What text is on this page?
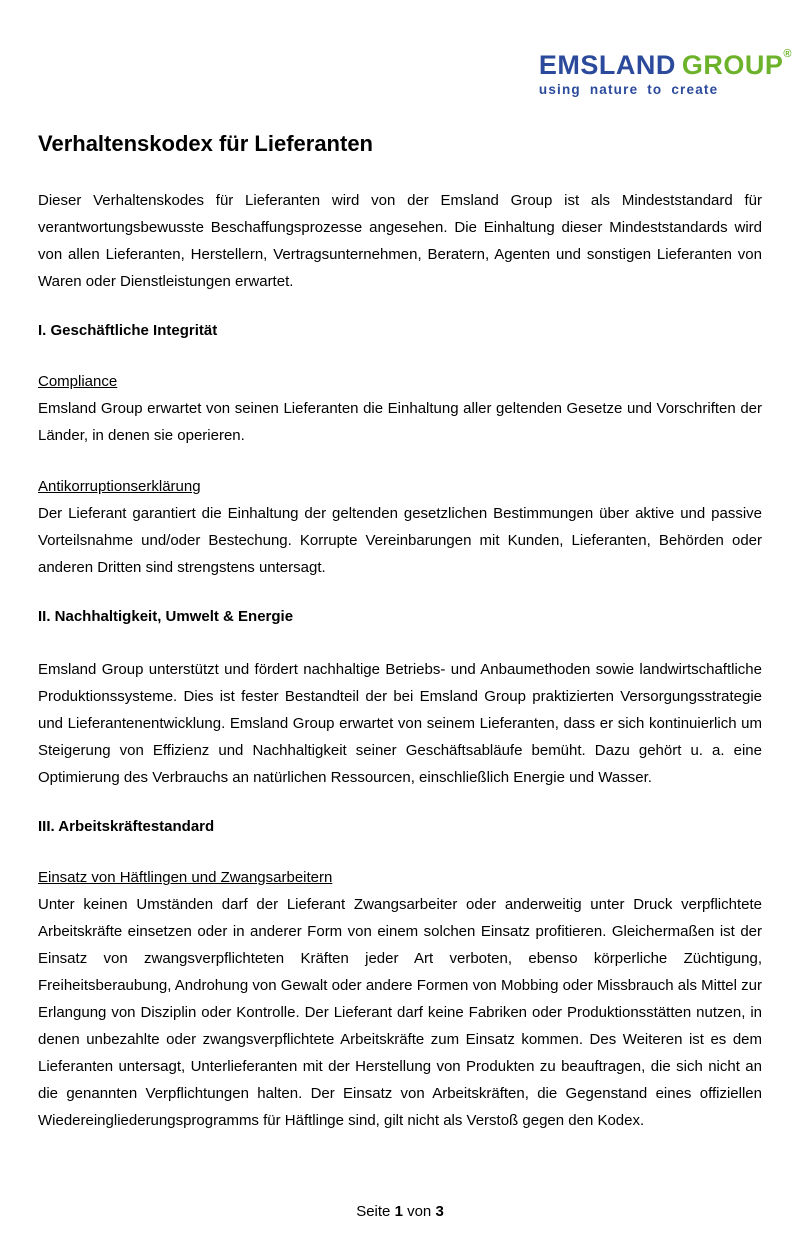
EMSLAND GROUP®
using nature to create
Verhaltenskodex für Lieferanten

Dieser Verhaltenskodes für Lieferanten wird von der Emsland Group ist als Mindeststandard für verantwortungsbewusste Beschaffungsprozesse angesehen. Die Einhaltung dieser Mindeststandards wird von allen Lieferanten, Herstellern, Vertragsunternehmen, Beratern, Agenten und sonstigen Lieferanten von Waren oder Dienstleistungen erwartet.

I. Geschäftliche Integrität
Compliance

Emsland Group erwartet von seinen Lieferanten die Einhaltung aller geltenden Gesetze und Vorschriften der Länder, in denen sie operieren.

Antikorruptionserklärung

Der Lieferant garantiert die Einhaltung der geltenden gesetzlichen Bestimmungen über aktive und passive Vorteilsnahme und/oder Bestechung. Korrupte Vereinbarungen mit Kunden, Lieferanten, Behörden oder anderen Dritten sind strengstens untersagt.

II. Nachhaltigkeit, Umwelt & Energie

Emsland Group unterstützt und fördert nachhaltige Betriebs- und Anbaumethoden sowie landwirtschaftliche Produktionssysteme. Dies ist fester Bestandteil der bei Emsland Group praktizierten Versorgungsstrategie und Lieferantenentwicklung. Emsland Group erwartet von seinem Lieferanten, dass er sich kontinuierlich um Steigerung von Effizienz und Nachhaltigkeit seiner Geschäftsabläufe bemüht. Dazu gehört u. a. eine Optimierung des Verbrauchs an natürlichen Ressourcen, einschließlich Energie und Wasser.

III. Arbeitskräftestandard
Einsatz von Häftlingen und Zwangsarbeitern

Unter keinen Umständen darf der Lieferant Zwangsarbeiter oder anderweitig unter Druck verpflichtete Arbeitskräfte einsetzen oder in anderer Form von einem solchen Einsatz profitieren. Gleichermaßen ist der Einsatz von zwangsverpflichteten Kräften jeder Art verboten, ebenso körperliche Züchtigung, Freiheitsberaubung, Androhung von Gewalt oder andere Formen von Mobbing oder Missbrauch als Mittel zur Erlangung von Disziplin oder Kontrolle. Der Lieferant darf keine Fabriken oder Produktionsstätten nutzen, in denen unbezahlte oder zwangsverpflichtete Arbeitskräfte zum Einsatz kommen. Des Weiteren ist es dem Lieferanten untersagt, Unterlieferanten mit der Herstellung von Produkten zu beauftragen, die sich nicht an die genannten Verpflichtungen halten. Der Einsatz von Arbeitskräften, die Gegenstand eines offiziellen Wiedereingliederungsprogramms für Häftlinge sind, gilt nicht als Verstoß gegen den Kodex.

Seite 1 von 3
